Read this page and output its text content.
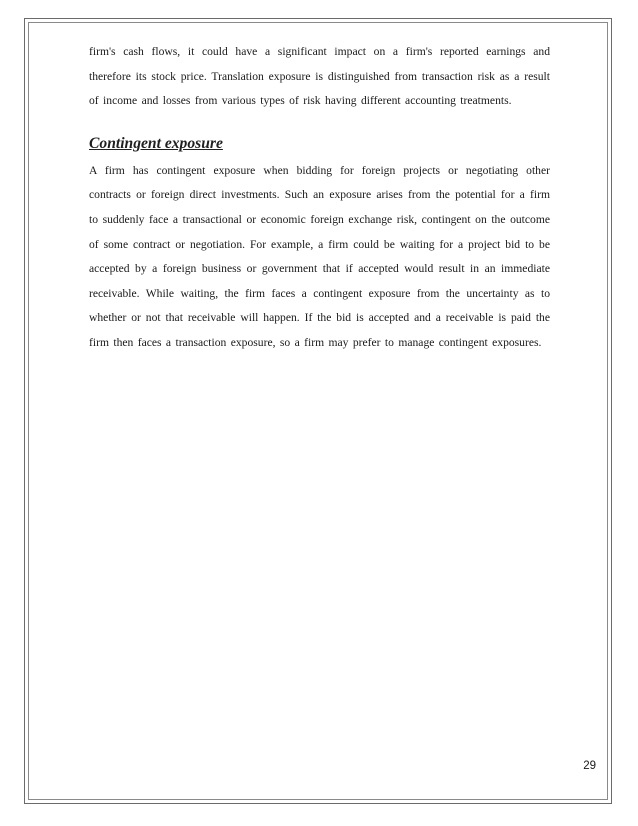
firm's cash flows, it could have a significant impact on a firm's reported earnings and therefore its stock price. Translation exposure is distinguished from transaction risk as a result of income and losses from various types of risk having different accounting treatments.

Contingent exposure

A firm has contingent exposure when bidding for foreign projects or negotiating other contracts or foreign direct investments. Such an exposure arises from the potential for a firm to suddenly face a transactional or economic foreign exchange risk, contingent on the outcome of some contract or negotiation. For example, a firm could be waiting for a project bid to be accepted by a foreign business or government that if accepted would result in an immediate receivable. While waiting, the firm faces a contingent exposure from the uncertainty as to whether or not that receivable will happen. If the bid is accepted and a receivable is paid the firm then faces a transaction exposure, so a firm may prefer to manage contingent exposures.

29
